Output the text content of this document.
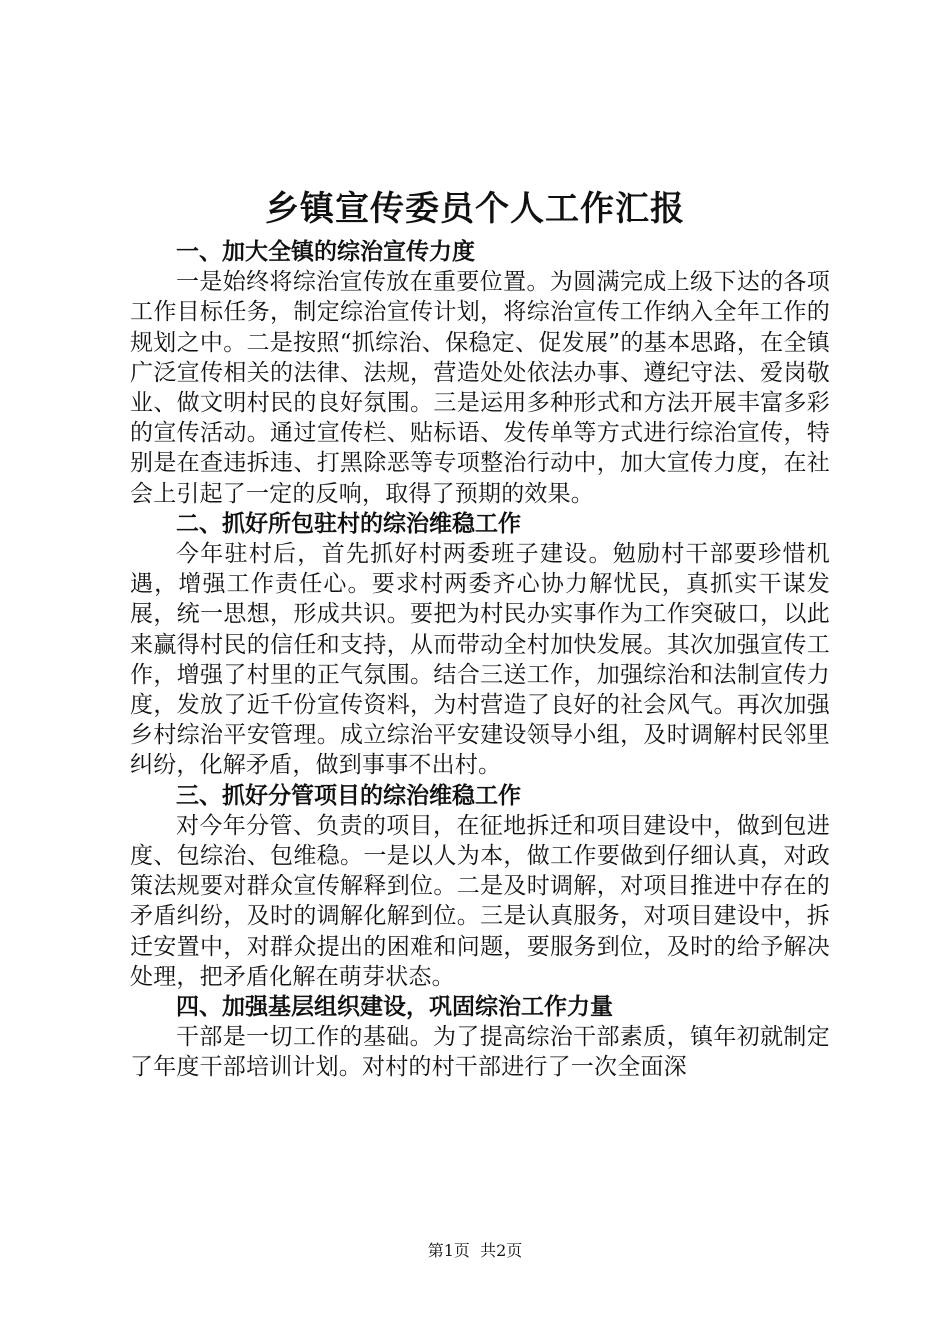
乡镇宣传委员个人工作汇报
一、加大全镇的综治宣传力度

一是始终将综治宣传放在重要位置。为圆满完成上级下达的各项工作目标任务，制定综治宣传计划，将综治宣传工作纳入全年工作的规划之中。二是按照“抓综治、保稳定、促发展”的基本思路，在全镇广泛宣传相关的法律、法规，营造处处依法办事、遵纪守法、爱岗敬业、做文明村民的良好氛围。三是运用多种形式和方法开展丰富多彩的宣传活动。通过宣传栏、贴标语、发传单等方式进行综治宣传，特别是在查违拆违、打黑除恶等专项整治行动中，加大宣传力度，在社会上引起了一定的反响，取得了预期的效果。

二、抓好所包驻村的综治维稳工作

今年驻村后，首先抓好村两委班子建设。勉励村干部要珍惜机遇，增强工作责任心。要求村两委齐心协力解忧民，真抓实干谋发展，统一思想，形成共识。要把为村民办实事作为工作突破口，以此来赢得村民的信任和支持，从而带动全村加快发展。其次加强宣传工作，增强了村里的正气氛围。结合三送工作，加强综治和法制宣传力度，发放了近千份宣传资料，为村营造了良好的社会风气。再次加强乡村综治平安管理。成立综治平安建设领导小组，及时调解村民邻里纠纷，化解矛盾，做到事事不出村。

三、抓好分管项目的综治维稳工作

对今年分管、负责的项目，在征地拆迁和项目建设中，做到包进度、包综治、包维稳。一是以人为本，做工作要做到仔细认真，对政策法规要对群众宣传解释到位。二是及时调解，对项目推进中存在的矛盾纠纷，及时的调解化解到位。三是认真服务，对项目建设中，拆迁安置中，对群众提出的困难和问题，要服务到位，及时的给予解决处理，把矛盾化解在萌芽状态。

四、加强基层组织建设，巩固综治工作力量

干部是一切工作的基础。为了提高综治干部素质，镇年初就制定了年度干部培训计划。对村的村干部进行了一次全面深

第1页 共2页
